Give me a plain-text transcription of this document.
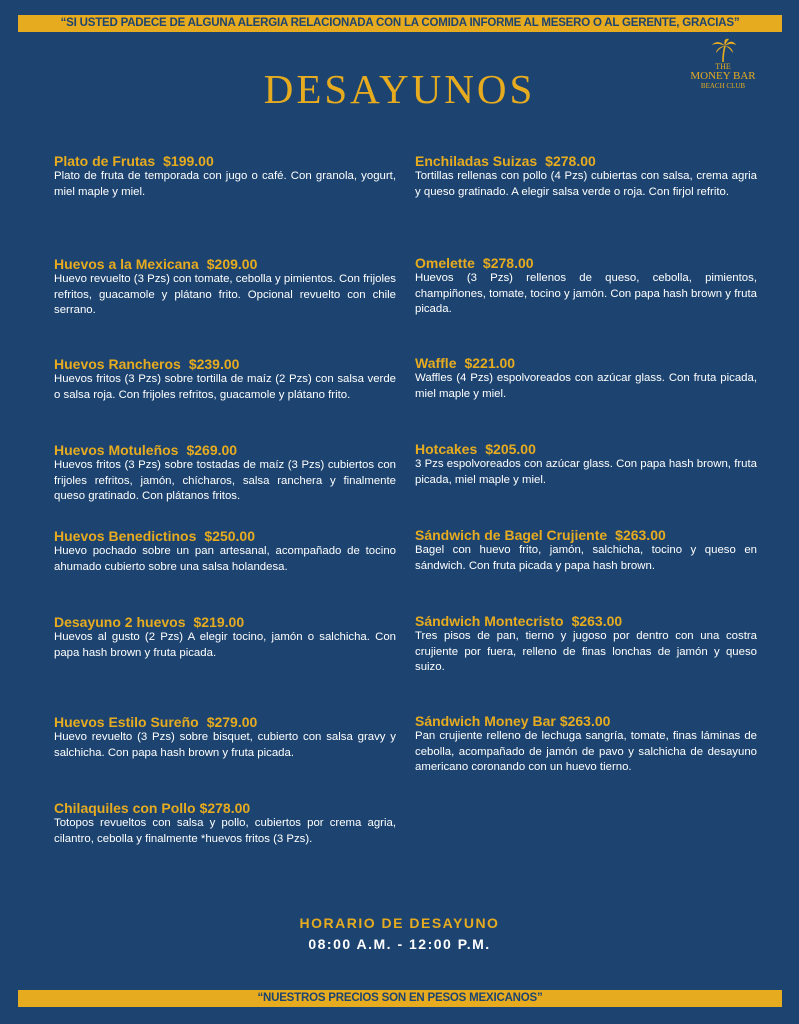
“SI USTED PADECE DE ALGUNA ALERGIA RELACIONADA CON LA COMIDA INFORME AL MESERO O AL GERENTE, GRACIAS”
THE
MONEY BAR
BEACH CLUB
DESAYUNOS
Plato de Frutas $199.00
Plato de fruta de temporada con jugo o café. Con granola, yogurt, miel maple y miel.
Huevos a la Mexicana $209.00
Huevo revuelto (3 Pzs) con tomate, cebolla y pimientos. Con frijoles refritos, guacamole y plátano frito. Opcional revuelto con chile serrano.
Huevos Rancheros $239.00
Huevos fritos (3 Pzs) sobre tortilla de maíz (2 Pzs) con salsa verde o salsa roja. Con frijoles refritos, guacamole y plátano frito.
Huevos Motuleños $269.00
Huevos fritos (3 Pzs) sobre tostadas de maíz (3 Pzs) cubiertos con frijoles refritos, jamón, chícharos, salsa ranchera y finalmente queso gratinado. Con plátanos fritos.
Huevos Benedictinos $250.00
Huevo pochado sobre un pan artesanal, acompañado de tocino ahumado cubierto sobre una salsa holandesa.
Desayuno 2 huevos $219.00
Huevos al gusto (2 Pzs) A elegir tocino, jamón o salchicha. Con papa hash brown y fruta picada.
Huevos Estilo Sureño $279.00
Huevo revuelto (3 Pzs) sobre bisquet, cubierto con salsa gravy y salchicha. Con papa hash brown y fruta picada.
Chilaquiles con Pollo $278.00
Totopos revueltos con salsa y pollo, cubiertos por crema agria, cilantro, cebolla y finalmente *huevos fritos (3 Pzs).
Enchiladas Suizas $278.00
Tortillas rellenas con pollo (4 Pzs) cubiertas con salsa, crema agria y queso gratinado. A elegir salsa verde o roja. Con firjol refrito.
Omelette $278.00
Huevos (3 Pzs) rellenos de queso, cebolla, pimientos, champiñones, tomate, tocino y jamón. Con papa hash brown y fruta picada.
Waffle $221.00
Waffles (4 Pzs) espolvoreados con azúcar glass. Con fruta picada, miel maple y miel.
Hotcakes $205.00
3 Pzs espolvoreados con azúcar glass. Con papa hash brown, fruta picada, miel maple y miel.
Sándwich de Bagel Crujiente $263.00
Bagel con huevo frito, jamón, salchicha, tocino y queso en sándwich. Con fruta picada y papa hash brown.
Sándwich Montecristo $263.00
Tres pisos de pan, tierno y jugoso por dentro con una costra crujiente por fuera, relleno de finas lonchas de jamón y queso suizo.
Sándwich Money Bar $263.00
Pan crujiente relleno de lechuga sangría, tomate, finas láminas de cebolla, acompañado de jamón de pavo y salchicha de desayuno americano coronando con un huevo tierno.
HORARIO DE DESAYUNO
08:00 A.M. - 12:00 P.M.
“NUESTROS PRECIOS SON EN PESOS MEXICANOS”
